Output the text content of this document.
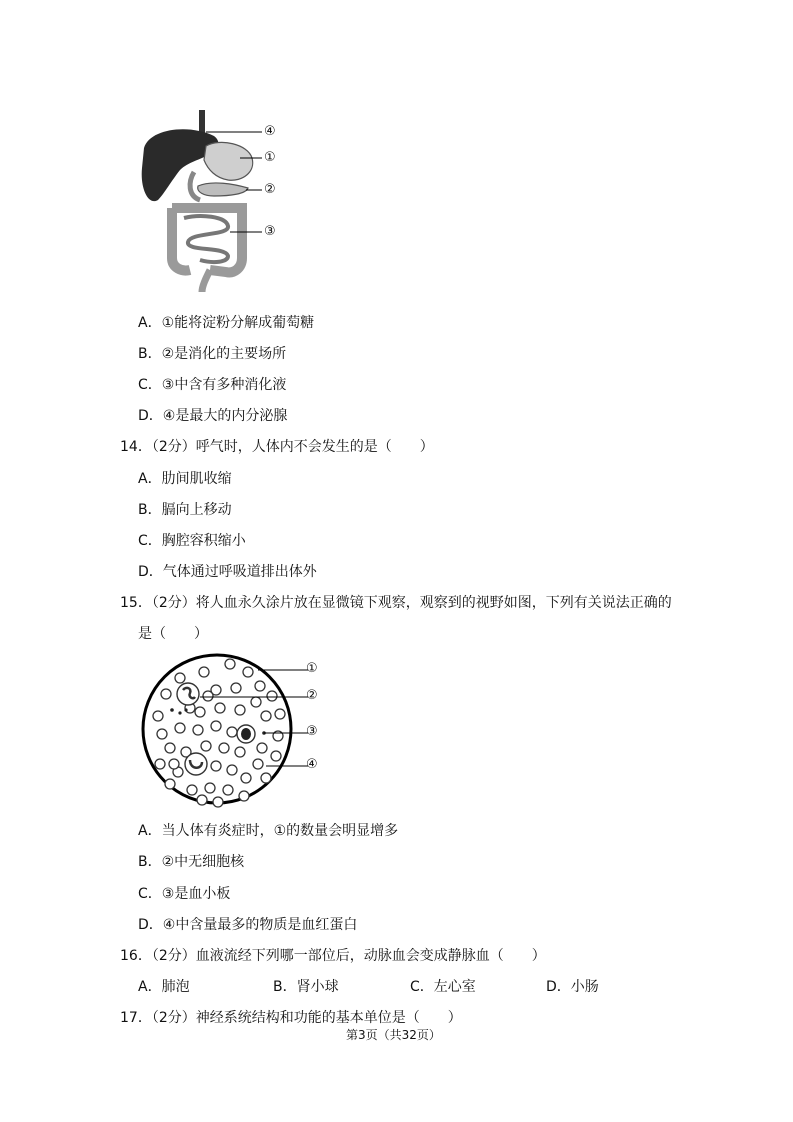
④
①
②
③
A．①能将淀粉分解成葡萄糖
B．②是消化的主要场所
C．③中含有多种消化液
D．④是最大的内分泌腺
14．（2分）呼气时，人体内不会发生的是（　　）
A．肋间肌收缩
B．膈向上移动
C．胸腔容积缩小
D．气体通过呼吸道排出体外
15．（2分）将人血永久涂片放在显微镜下观察，观察到的视野如图，下列有关说法正确的
是（　　）
①
②
③
④
A．当人体有炎症时，①的数量会明显增多
B．②中无细胞核
C．③是血小板
D．④中含量最多的物质是血红蛋白
16．（2分）血液流经下列哪一部位后，动脉血会变成静脉血（　　）
A．肺泡	B．肾小球	C．左心室	D．小肠
17．（2分）神经系统结构和功能的基本单位是（　　）
第3页（共32页）
